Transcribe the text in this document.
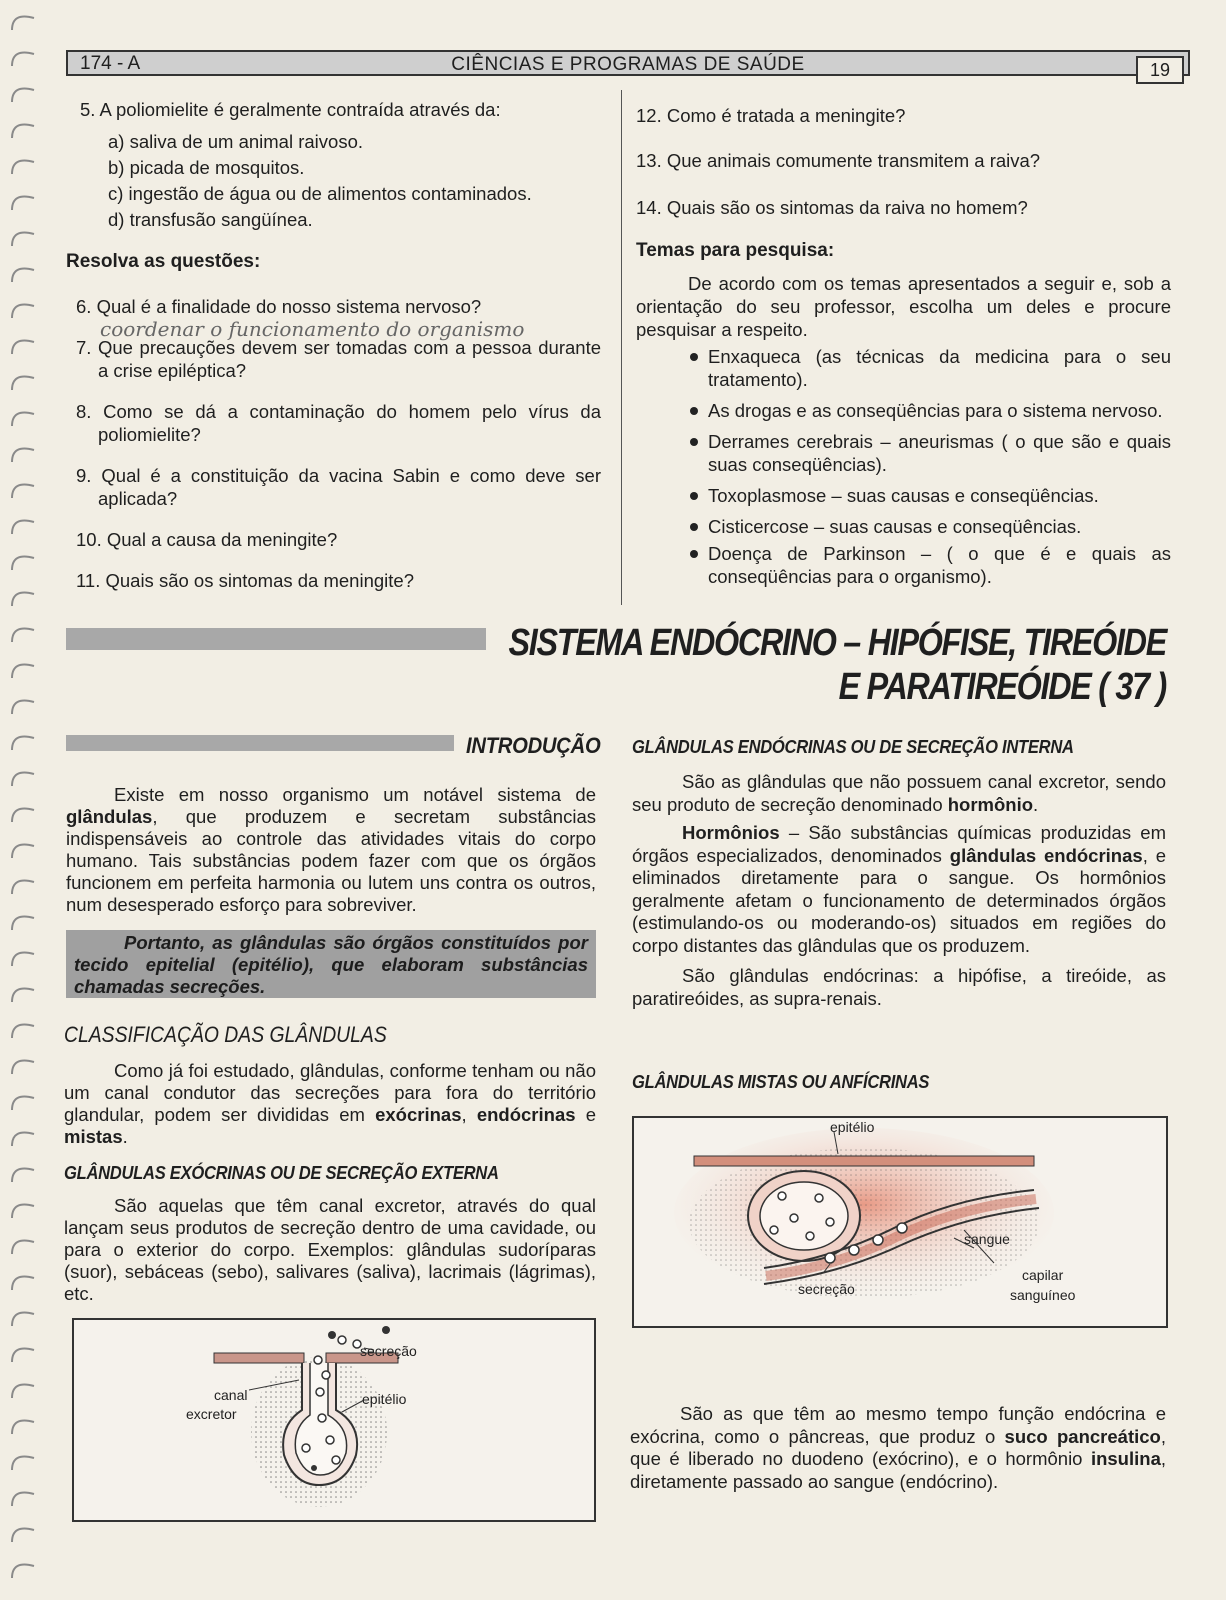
174 - A	CIÊNCIAS E PROGRAMAS DE SAÚDE	19

5. A poliomielite é geralmente contraída através da:

a) saliva de um animal raivoso.
b) picada de mosquitos.
c) ingestão de água ou de alimentos contaminados.
d) transfusão sangüínea.
Resolva as questões:

6. Qual é a finalidade do nosso sistema nervoso?

7. Que precauções devem ser tomadas com a pessoa durante a crise epiléptica?

8. Como se dá a contaminação do homem pelo vírus da poliomielite?

9. Qual é a constituição da vacina Sabin e como deve ser aplicada?

10. Qual a causa da meningite?

11. Quais são os sintomas da meningite?

coordenar o funcionamento do organismo

12. Como é tratada a meningite?

13. Que animais comumente transmitem a raiva?

14. Quais são os sintomas da raiva no homem?

Temas para pesquisa:

De acordo com os temas apresentados a seguir e, sob a orientação do seu professor, escolha um deles e procure pesquisar a respeito.

Enxaqueca (as técnicas da medicina para o seu tratamento).
As drogas e as conseqüências para o sistema nervoso.
Derrames cerebrais – aneurismas ( o que são e quais suas conseqüências).
Toxoplasmose – suas causas e conseqüências.
Cisticercose – suas causas e conseqüências.
Doença de Parkinson – ( o que é e quais as conseqüências para o organismo).
SISTEMA ENDÓCRINO – HIPÓFISE, TIREÓIDE
E PARATIREÓIDE ( 37 )
INTRODUÇÃO

Existe em nosso organismo um notável sistema de glândulas, que produzem e secretam substâncias indispensáveis ao controle das atividades vitais do corpo humano. Tais substâncias podem fazer com que os órgãos funcionem em perfeita harmonia ou lutem uns contra os outros, num desesperado esforço para sobreviver.

Portanto, as glândulas são órgãos constituídos por tecido epitelial (epitélio), que elaboram substâncias chamadas secreções.
CLASSIFICAÇÃO DAS GLÂNDULAS

Como já foi estudado, glândulas, conforme tenham ou não um canal condutor das secreções para fora do território glandular, podem ser divididas em exócrinas, endócrinas e mistas.

GLÂNDULAS EXÓCRINAS OU DE SECREÇÃO EXTERNA

São aquelas que têm canal excretor, através do qual lançam seus produtos de secreção dentro de uma cavidade, ou para o exterior do corpo. Exemplos: glândulas sudoríparas (suor), sebáceas (sebo), salivares (saliva), lacrimais (lágrimas), etc.

secreção
canal
excretor
epitélio
GLÂNDULAS ENDÓCRINAS OU DE SECREÇÃO INTERNA

São as glândulas que não possuem canal excretor, sendo seu produto de secreção denominado hormônio.

Hormônios – São substâncias químicas produzidas em órgãos especializados, denominados glândulas endócrinas, e eliminados diretamente para o sangue. Os hormônios geralmente afetam o funcionamento de determinados órgãos (estimulando-os ou moderando-os) situados em regiões do corpo distantes das glândulas que os produzem.

São glândulas endócrinas: a hipófise, a tireóide, as paratireóides, as supra-renais.

GLÂNDULAS MISTAS OU ANFÍCRINAS
epitélio
sangue
capilar
sanguíneo
secreção

São as que têm ao mesmo tempo função endócrina e exócrina, como o pâncreas, que produz o suco pancreático, que é liberado no duodeno (exócrino), e o hormônio insulina, diretamente passado ao sangue (endócrino).
